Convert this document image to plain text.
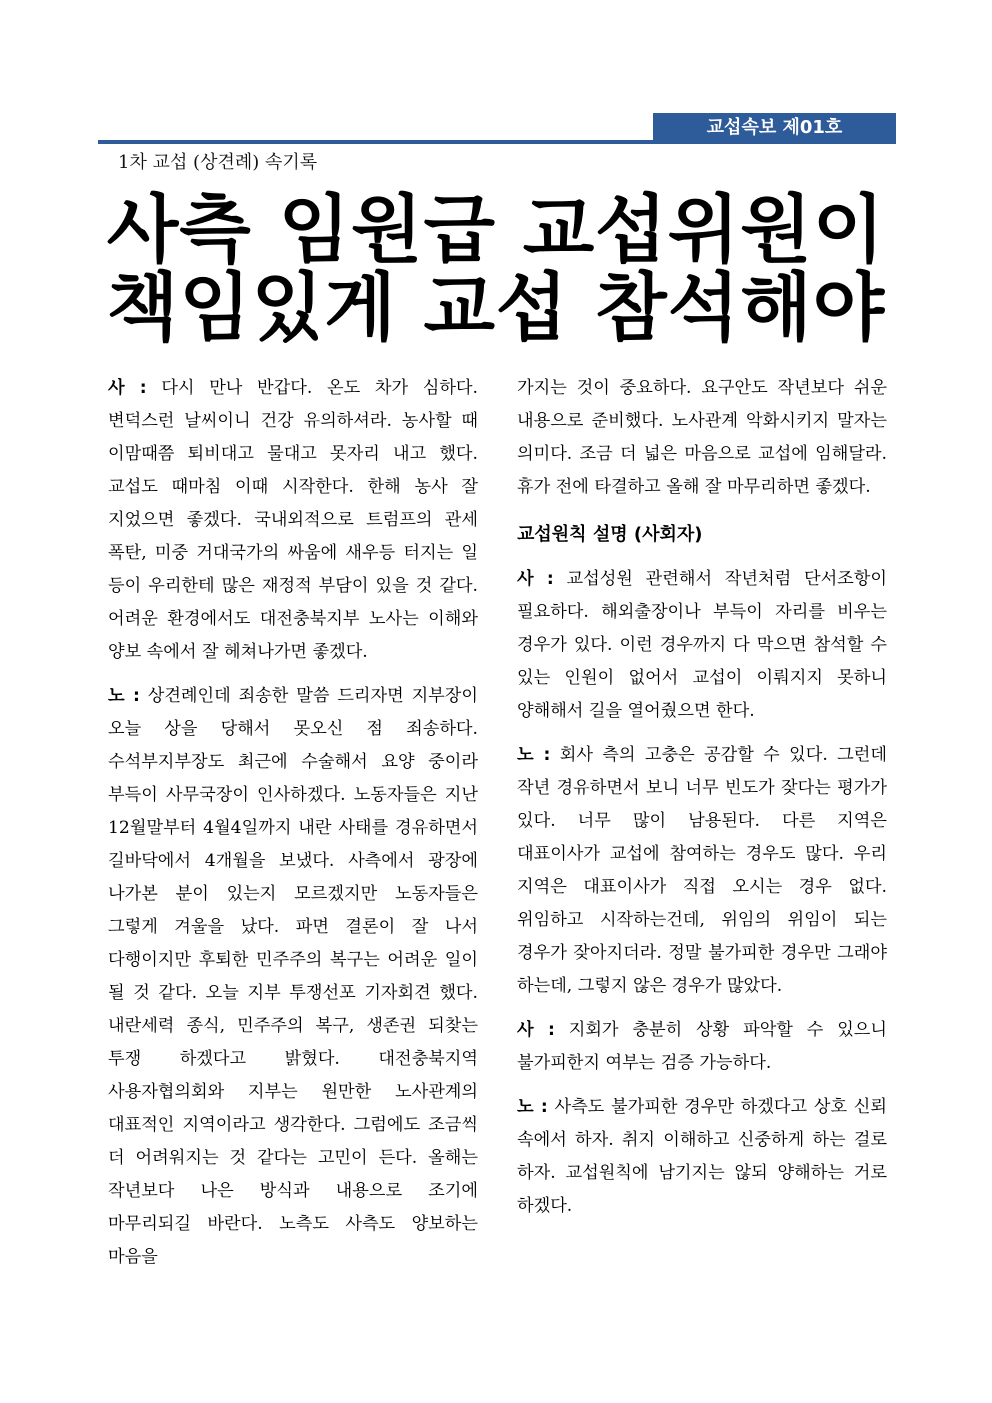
교섭속보 제01호
1차 교섭 (상견례) 속기록
사측 임원급 교섭위원이
책임있게 교섭 참석해야

사 : 다시 만나 반갑다. 온도 차가 심하다. 변덕스런 날씨이니 건강 유의하셔라. 농사할 때 이맘때쯤 퇴비대고 물대고 못자리 내고 했다. 교섭도 때마침 이때 시작한다. 한해 농사 잘 지었으면 좋겠다. 국내외적으로 트럼프의 관세 폭탄, 미중 거대국가의 싸움에 새우등 터지는 일 등이 우리한테 많은 재정적 부담이 있을 것 같다. 어려운 환경에서도 대전충북지부 노사는 이해와 양보 속에서 잘 헤쳐나가면 좋겠다.

노 : 상견례인데 죄송한 말씀 드리자면 지부장이 오늘 상을 당해서 못오신 점 죄송하다. 수석부지부장도 최근에 수술해서 요양 중이라 부득이 사무국장이 인사하겠다. 노동자들은 지난 12월말부터 4월4일까지 내란 사태를 경유하면서 길바닥에서 4개월을 보냈다. 사측에서 광장에 나가본 분이 있는지 모르겠지만 노동자들은 그렇게 겨울을 났다. 파면 결론이 잘 나서 다행이지만 후퇴한 민주주의 복구는 어려운 일이 될 것 같다. 오늘 지부 투쟁선포 기자회견 했다. 내란세력 종식, 민주주의 복구, 생존권 되찾는 투쟁 하겠다고 밝혔다. 대전충북지역 사용자협의회와 지부는 원만한 노사관계의 대표적인 지역이라고 생각한다. 그럼에도 조금씩 더 어려워지는 것 같다는 고민이 든다. 올해는 작년보다 나은 방식과 내용으로 조기에 마무리되길 바란다. 노측도 사측도 양보하는 마음을

가지는 것이 중요하다. 요구안도 작년보다 쉬운 내용으로 준비했다. 노사관계 악화시키지 말자는 의미다. 조금 더 넓은 마음으로 교섭에 임해달라. 휴가 전에 타결하고 올해 잘 마무리하면 좋겠다.

교섭원칙 설명 (사회자)

사 : 교섭성원 관련해서 작년처럼 단서조항이 필요하다. 해외출장이나 부득이 자리를 비우는 경우가 있다. 이런 경우까지 다 막으면 참석할 수 있는 인원이 없어서 교섭이 이뤄지지 못하니 양해해서 길을 열어줬으면 한다.

노 : 회사 측의 고충은 공감할 수 있다. 그런데 작년 경유하면서 보니 너무 빈도가 잦다는 평가가 있다. 너무 많이 남용된다. 다른 지역은 대표이사가 교섭에 참여하는 경우도 많다. 우리 지역은 대표이사가 직접 오시는 경우 없다. 위임하고 시작하는건데, 위임의 위임이 되는 경우가 잦아지더라. 정말 불가피한 경우만 그래야 하는데, 그렇지 않은 경우가 많았다.

사 : 지회가 충분히 상황 파악할 수 있으니 불가피한지 여부는 검증 가능하다.

노 : 사측도 불가피한 경우만 하겠다고 상호 신뢰 속에서 하자. 취지 이해하고 신중하게 하는 걸로 하자. 교섭원칙에 남기지는 않되 양해하는 거로 하겠다.
